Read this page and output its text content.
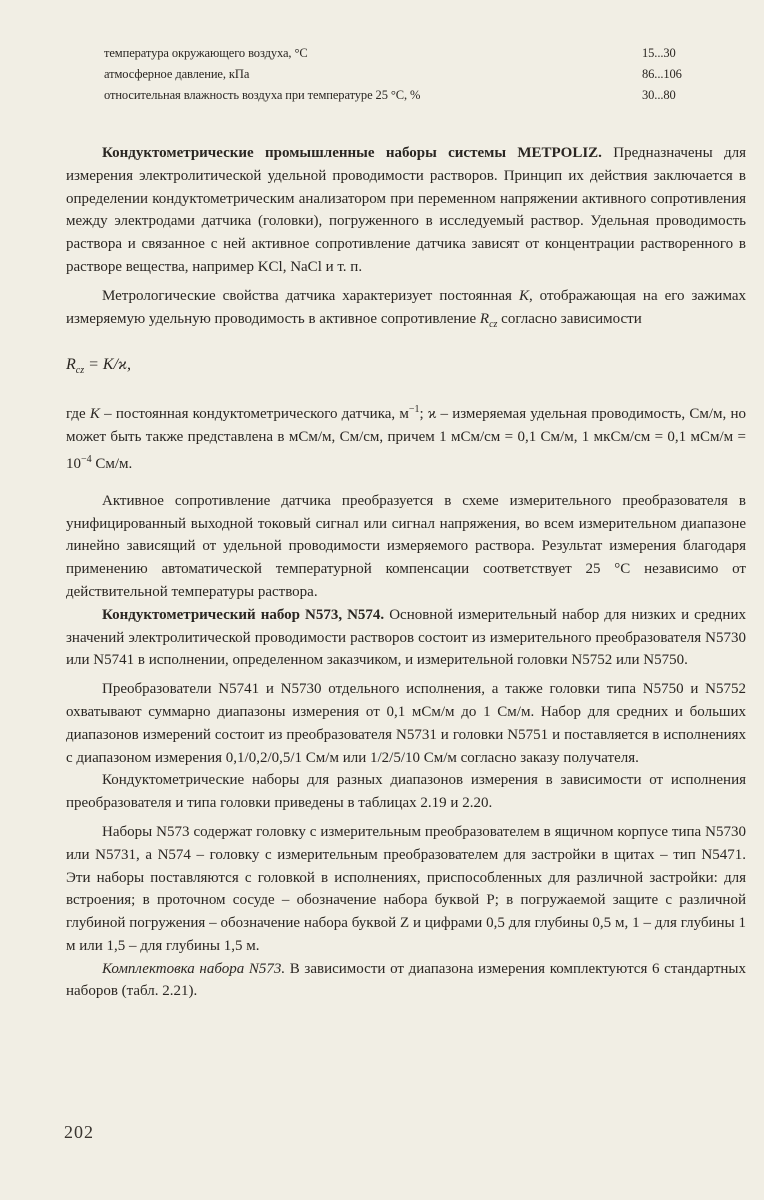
температура окружающего воздуха, °С	15...30
атмосферное давление, кПа	86...106
относительная влажность воздуха при температуре 25 °С, %	30...80

Кондуктометрические промышленные наборы системы METPOLIZ. Предназначены для измерения электролитической удельной проводимости растворов. Принцип их действия заключается в определении кондуктометрическим анализатором при переменном напряжении активного сопротивления между электродами датчика (головки), погруженного в исследуемый раствор. Удельная проводимость раствора и связанное с ней активное сопротивление датчика зависят от концентрации растворенного в растворе вещества, например KCl, NaCl и т. п.

Метрологические свойства датчика характеризует постоянная K, отображающая на его зажимах измеряемую удельную проводимость в активное сопротивление $R_{cz}$ согласно зависимости

$R_{cz} = K/ϰ$,

где K – постоянная кондуктометрического датчика, $м^{-1}$; ϰ – измеряемая удельная проводимость, См/м, но может быть также представлена в мСм/м, См/см, причем 1 мСм/см = 0,1 См/м, 1 мкСм/см = 0,1 $мСм/м = 10^{-4}$ См/м.

Активное сопротивление датчика преобразуется в схеме измерительного преобразователя в унифицированный выходной токовый сигнал или сигнал напряжения, во всем измерительном диапазоне линейно зависящий от удельной проводимости измеряемого раствора. Результат измерения благодаря применению автоматической температурной компенсации соответствует 25 °С независимо от действительной температуры раствора.

Кондуктометрический набор N573, N574. Основной измерительный набор для низких и средних значений электролитической проводимости растворов состоит из измерительного преобразователя N5730 или N5741 в исполнении, определенном заказчиком, и измерительной головки N5752 или N5750.

Преобразователи N5741 и N5730 отдельного исполнения, а также головки типа N5750 и N5752 охватывают суммарно диапазоны измерения от 0,1 мСм/м до 1 См/м. Набор для средних и больших диапазонов измерений состоит из преобразователя N5731 и головки N5751 и поставляется в исполнениях с диапазоном измерения 0,1/0,2/0,5/1 См/м или 1/2/5/10 См/м согласно заказу получателя.

Кондуктометрические наборы для разных диапазонов измерения в зависимости от исполнения преобразователя и типа головки приведены в таблицах 2.19 и 2.20.

Наборы N573 содержат головку с измерительным преобразователем в ящичном корпусе типа N5730 или N5731, а N574 – головку с измерительным преобразователем для застройки в щитах – тип N5471. Эти наборы поставляются с головкой в исполнениях, приспособленных для различной застройки: для встроения; в проточном сосуде – обозначение набора буквой P; в погружаемой защите с различной глубиной погружения – обозначение набора буквой Z и цифрами 0,5 для глубины 0,5 м, 1 – для глубины 1 м или 1,5 – для глубины 1,5 м.

Комплектовка набора N573. В зависимости от диапазона измерения комплектуются 6 стандартных наборов (табл. 2.21).

202
